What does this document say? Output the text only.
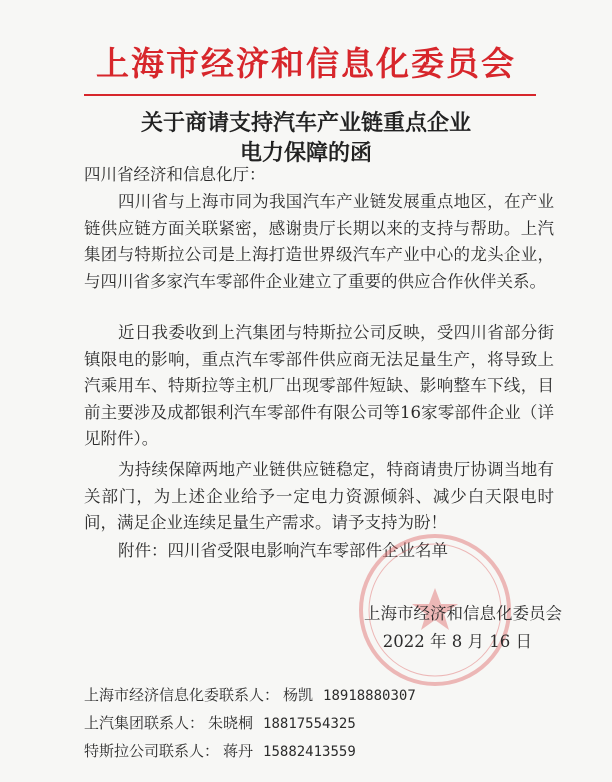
上海市经济和信息化委员会
关于商请支持汽车产业链重点企业
电力保障的函
四川省经济和信息化厅：
四川省与上海市同为我国汽车产业链发展重点地区，在产业链供应链方面关联紧密，感谢贵厅长期以来的支持与帮助。上汽集团与特斯拉公司是上海打造世界级汽车产业中心的龙头企业，与四川省多家汽车零部件企业建立了重要的供应合作伙伴关系。
近日我委收到上汽集团与特斯拉公司反映，受四川省部分街镇限电的影响，重点汽车零部件供应商无法足量生产，将导致上汽乘用车、特斯拉等主机厂出现零部件短缺、影响整车下线，目前主要涉及成都银利汽车零部件有限公司等16家零部件企业（详见附件）。
为持续保障两地产业链供应链稳定，特商请贵厅协调当地有关部门，为上述企业给予一定电力资源倾斜、减少白天限电时间，满足企业连续足量生产需求。请予支持为盼！
附件：四川省受限电影响汽车零部件企业名单
上海市经济和信息化委员会
2022 年 8 月 16 日
上海市经济信息化委联系人： 杨凯 18918880307
上汽集团联系人： 朱晓桐 18817554325
特斯拉公司联系人： 蒋丹 15882413559
